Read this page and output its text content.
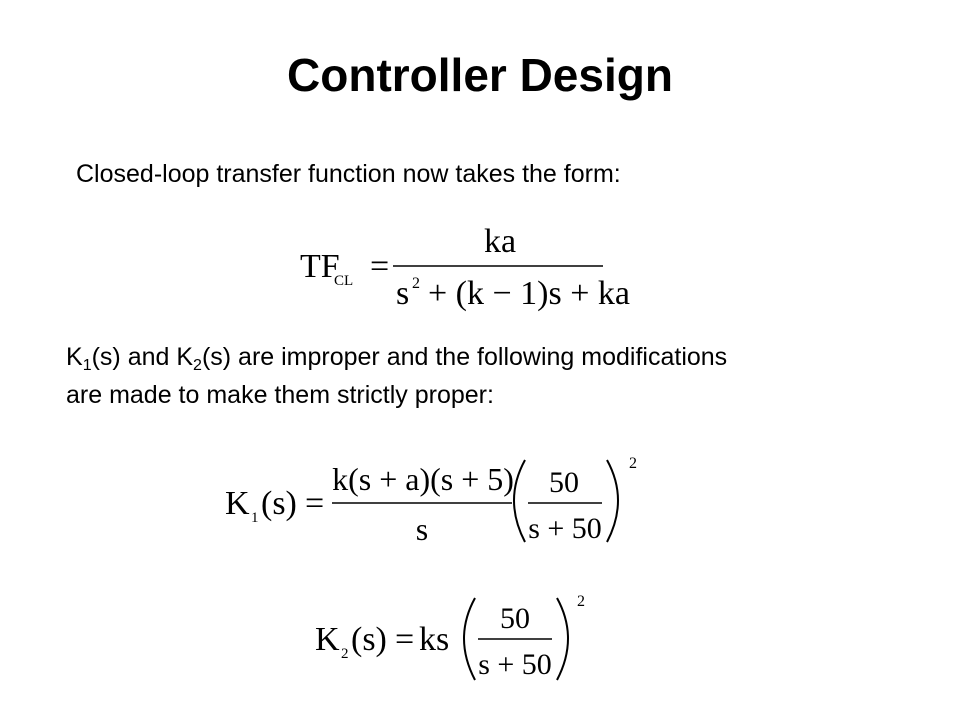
Controller Design
Closed-loop transfer function now takes the form:
TF
CL =
ka
s 2 + (k − 1)s + ka
$K_1(s)$ and $K_2(s)$ are improper and the following modifications
are made to make them strictly proper:
K 1 (s) =
k(s + a)(s + 5)
s
50
s + 50
2
K 2 (s) = ks
50
s + 50
2
